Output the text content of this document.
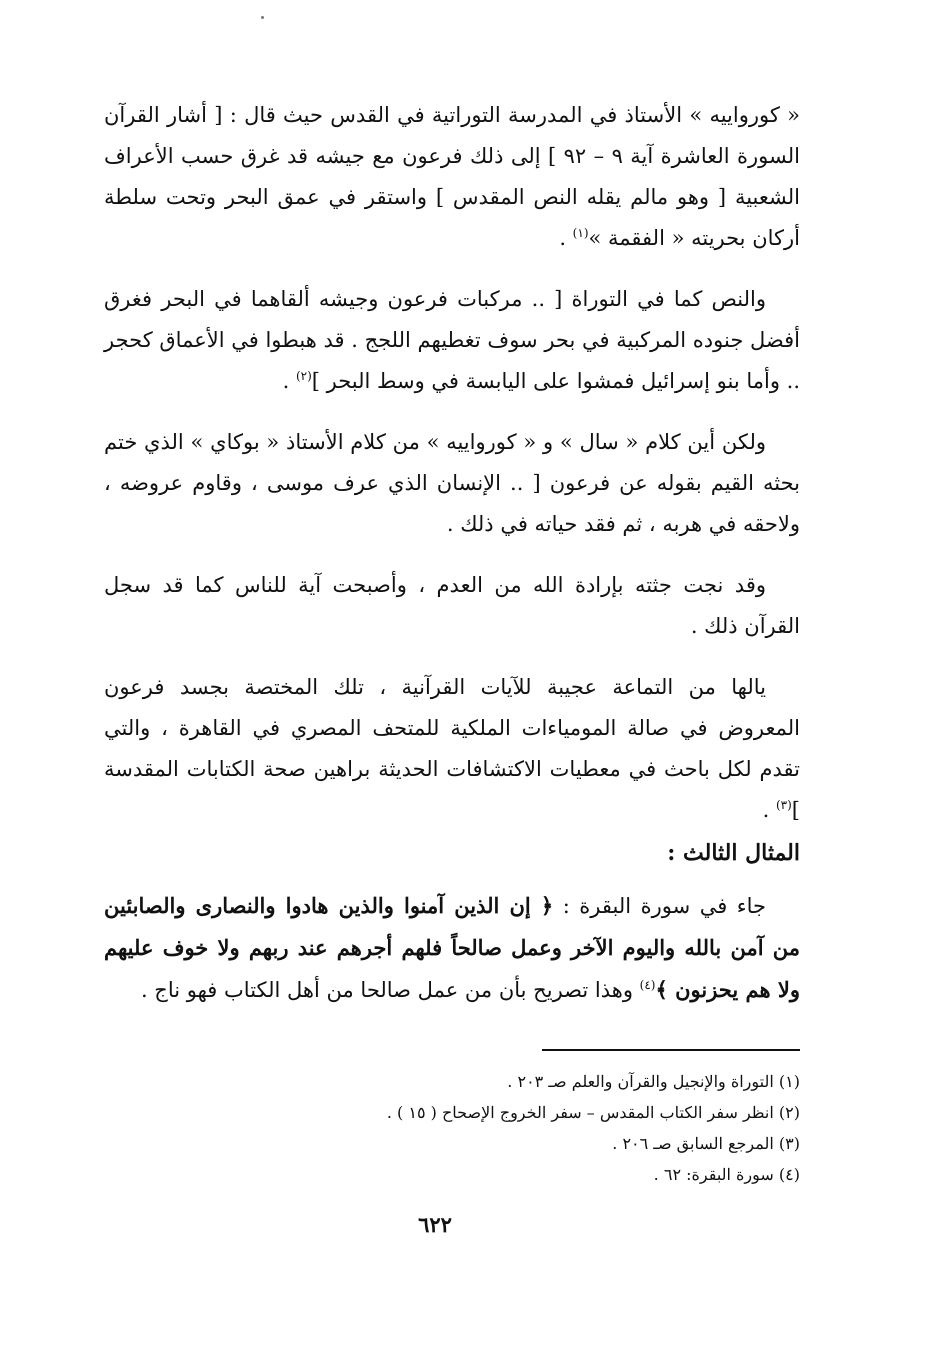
« كورواييه » الأستاذ في المدرسة التوراتية في القدس حيث قال : [ أشار القرآن السورة العاشرة آية ٩ – ٩٢ ] إلى ذلك فرعون مع جيشه قد غرق حسب الأعراف الشعبية [ وهو مالم يقله النص المقدس ] واستقر في عمق البحر وتحت سلطة أركان بحريته « الفقمة »$^{(١)}$ .

والنص كما في التوراة [ .. مركبات فرعون وجيشه ألقاهما في البحر فغرق أفضل جنوده المركبية في بحر سوف تغطيهم اللجج . قد هبطوا في الأعماق كحجر .. وأما بنو إسرائيل فمشوا على اليابسة في وسط البحر ]$^{(٢)}$ .

ولكن أين كلام « سال » و « كورواييه » من كلام الأستاذ « بوكاي » الذي ختم بحثه القيم بقوله عن فرعون [ .. الإنسان الذي عرف موسى ، وقاوم عروضه ، ولاحقه في هربه ، ثم فقد حياته في ذلك .

وقد نجت جثته بإرادة الله من العدم ، وأصبحت آية للناس كما قد سجل القرآن ذلك .

يالها من التماعة عجيبة للآيات القرآنية ، تلك المختصة بجسد فرعون المعروض في صالة المومياءات الملكية للمتحف المصري في القاهرة ، والتي تقدم لكل باحث في معطيات الاكتشافات الحديثة براهين صحة الكتابات المقدسة ]$^{(٣)}$ .

المثال الثالث :

جاء في سورة البقرة : ﴿ إن الذين آمنوا والذين هادوا والنصارى والصابئين من آمن بالله واليوم الآخر وعمل صالحاً فلهم أجرهم عند ربهم ولا خوف عليهم ولا هم يحزنون ﴾$^{(٤)}$ وهذا تصريح بأن من عمل صالحا من أهل الكتاب فهو ناج .

(١) التوراة والإنجيل والقرآن والعلم صـ ٢٠٣ .
(٢) انظر سفر الكتاب المقدس – سفر الخروج الإصحاح ( ١٥ ) .
(٣) المرجع السابق صـ ٢٠٦ .
(٤) سورة البقرة: ٦٢ .
٦٢٢
